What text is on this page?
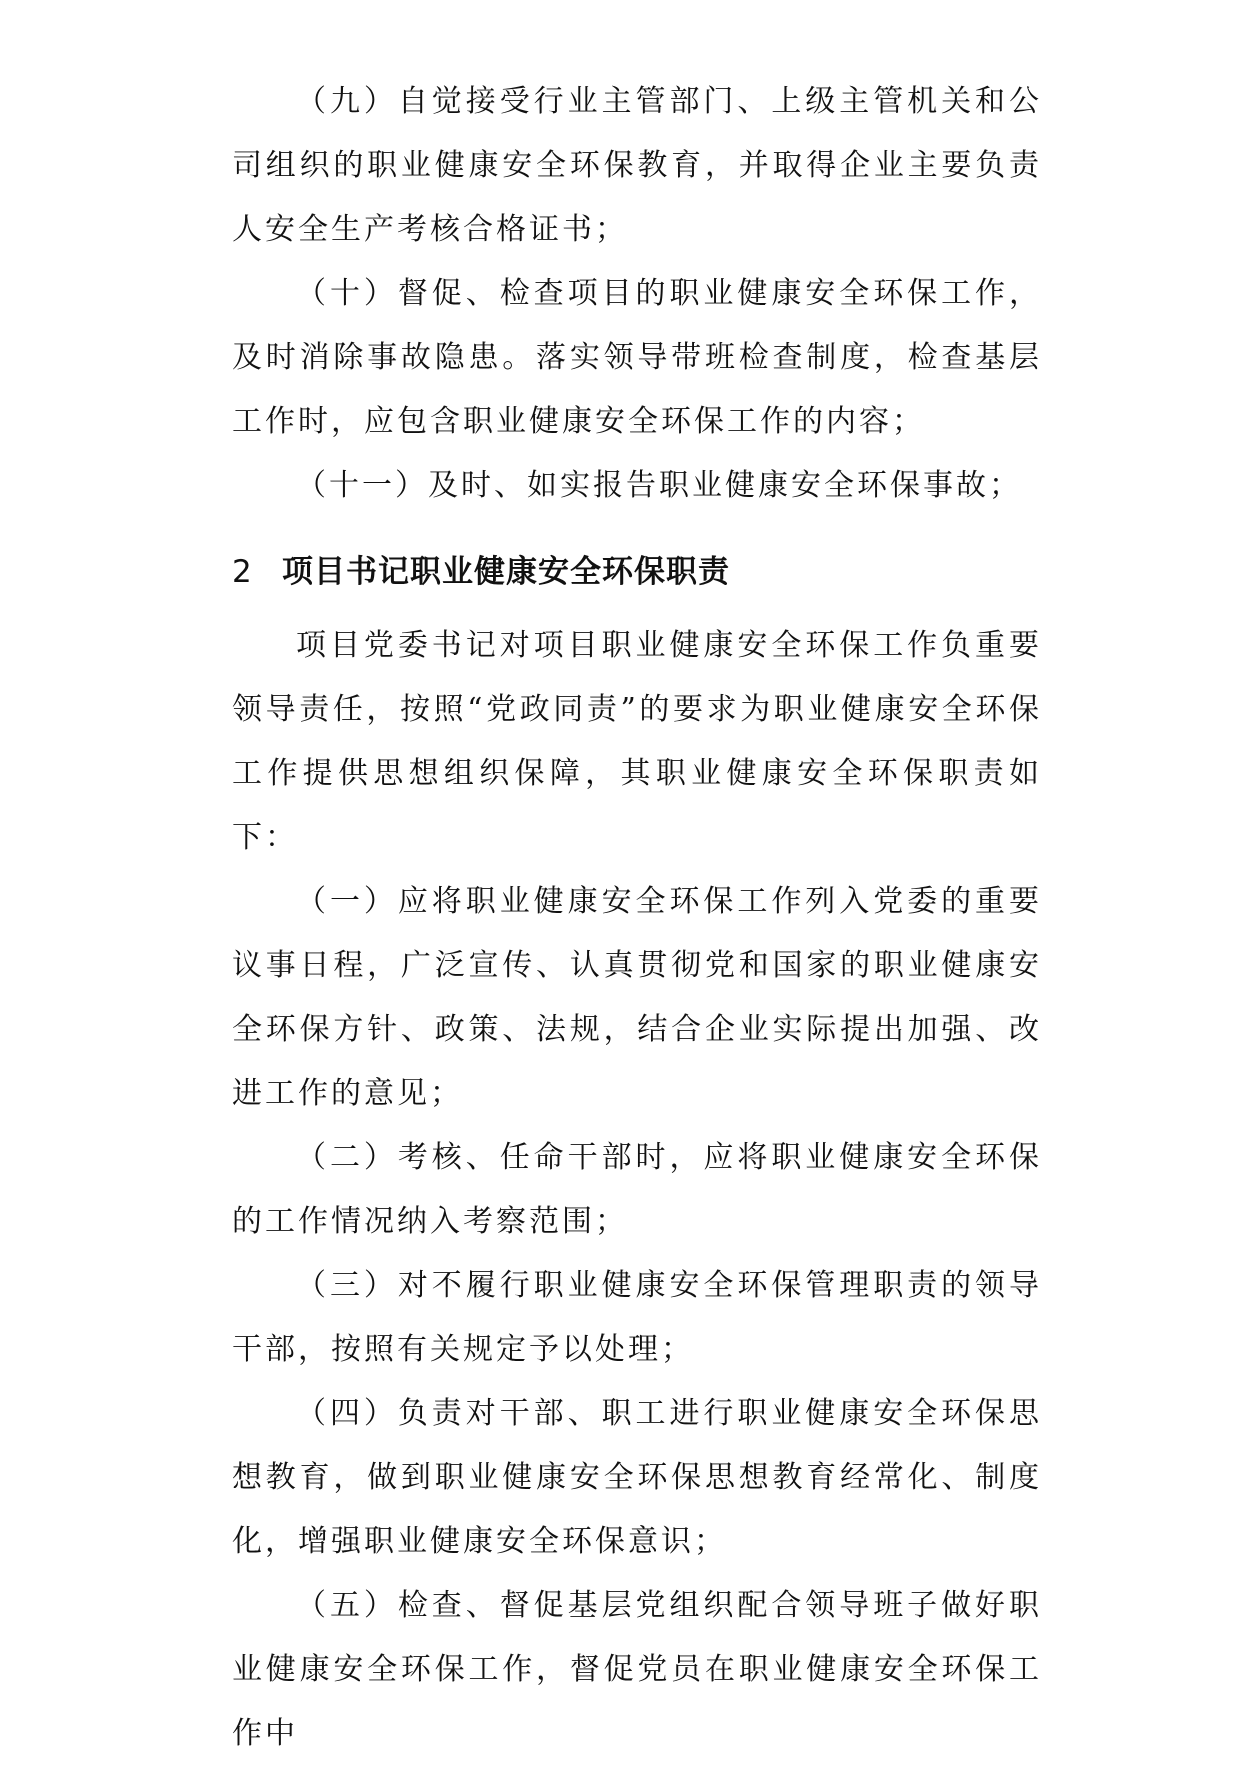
（九）自觉接受行业主管部门、上级主管机关和公司组织的职业健康安全环保教育，并取得企业主要负责人安全生产考核合格证书；

（十）督促、检查项目的职业健康安全环保工作，及时消除事故隐患。落实领导带班检查制度，检查基层工作时，应包含职业健康安全环保工作的内容；

（十一）及时、如实报告职业健康安全环保事故；

2 项目书记职业健康安全环保职责

项目党委书记对项目职业健康安全环保工作负重要领导责任，按照“党政同责”的要求为职业健康安全环保工作提供思想组织保障，其职业健康安全环保职责如下：

（一）应将职业健康安全环保工作列入党委的重要议事日程，广泛宣传、认真贯彻党和国家的职业健康安全环保方针、政策、法规，结合企业实际提出加强、改进工作的意见；

（二）考核、任命干部时，应将职业健康安全环保的工作情况纳入考察范围；

（三）对不履行职业健康安全环保管理职责的领导干部，按照有关规定予以处理；

（四）负责对干部、职工进行职业健康安全环保思想教育，做到职业健康安全环保思想教育经常化、制度化，增强职业健康安全环保意识；

（五）检查、督促基层党组织配合领导班子做好职业健康安全环保工作，督促党员在职业健康安全环保工作中
